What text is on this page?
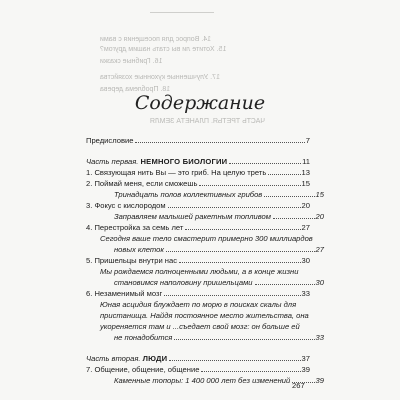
14. Вопрос для посещения с вами
15. Хотите ли вы стать нашим другом?
16. Грибные сказки
17. Улучшенные кухонные хозяйства
18. Проблема дерева
ЧАСТЬ ТРЕТЬЯ. ПЛАНЕТА ЗЕМЛЯ
Содержание
Предисловие	7
Часть первая. НЕМНОГО БИОЛОГИИ	11
1. Связующая нить Вы — это гриб. На целую треть	13
2. Поймай меня, если сможешь	15
Тринадцать полов коллективных грибов	15
3. Фокус с кислородом	20
Заправляем малышей ракетным топливом	20
4. Перестройка за семь лет	27
Сегодня ваше тело смастерит примерно 300 миллиардов
новых клеток	27
5. Пришельцы внутри нас	30
Мы рождаемся полноценными людьми, а в конце жизни
становимся наполовину пришельцами	30
6. Незаменимый мозг	33
Юная асцидия блуждает по морю в поисках скалы для
пристанища. Найдя постоянное место жительства, она
укореняется там и ...съедает свой мозг: он больше ей
не понадобится	33
Часть вторая. ЛЮДИ	37
7. Общение, общение, общение	39
Каменные топоры: 1 400 000 лет без изменений	39
267
